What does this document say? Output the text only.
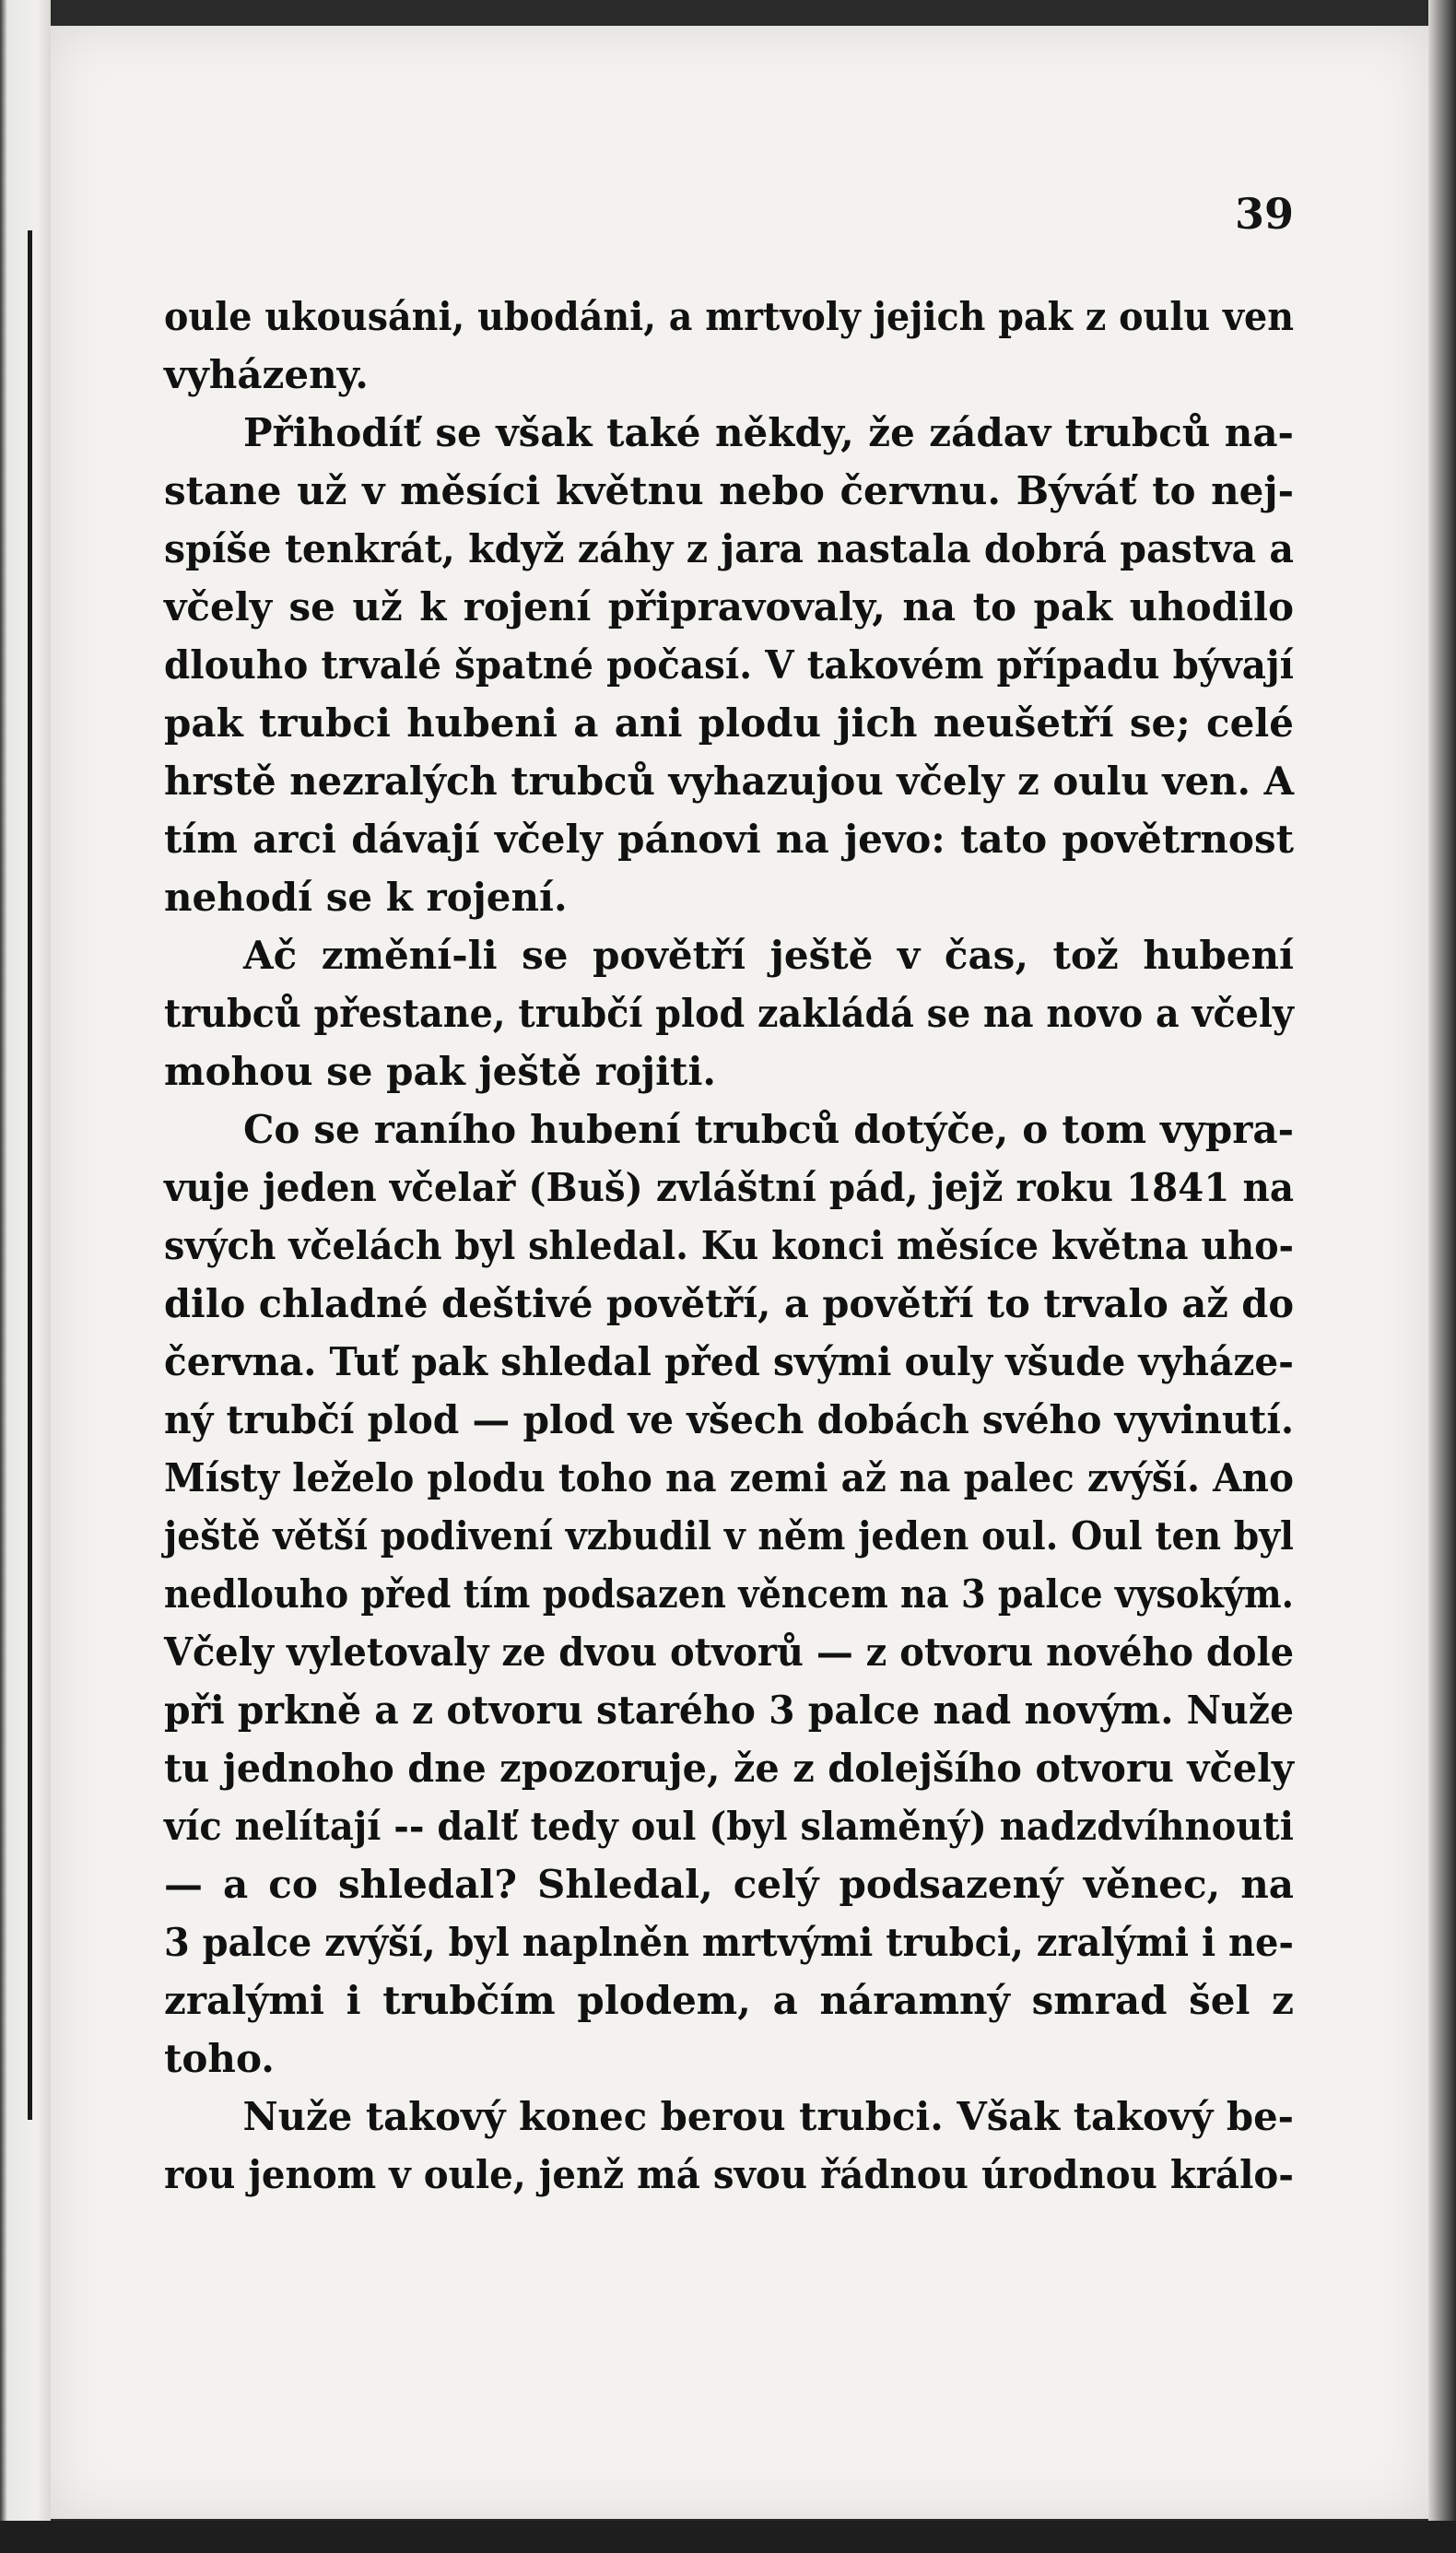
39
oule ukousáni, ubodáni, a mrtvoly jejich pak z oulu ven
vyházeny.
Přihodíť se však také někdy, že zádav trubců na-
stane už v měsíci květnu nebo červnu. Býváť to nej-
spíše tenkrát, když záhy z jara nastala dobrá pastva a
včely se už k rojení připravovaly, na to pak uhodilo
dlouho trvalé špatné počasí. V takovém případu bývají
pak trubci hubeni a ani plodu jich neušetří se; celé
hrstě nezralých trubců vyhazujou včely z oulu ven. A
tím arci dávají včely pánovi na jevo: tato povětrnost
nehodí se k rojení.
Ač změní-li se povětří ještě v čas, tož hubení
trubců přestane, trubčí plod zakládá se na novo a včely
mohou se pak ještě rojiti.
Co se raního hubení trubců dotýče, o tom vypra-
vuje jeden včelař (Buš) zvláštní pád, jejž roku 1841 na
svých včelách byl shledal. Ku konci měsíce května uho-
dilo chladné deštivé povětří, a povětří to trvalo až do
června. Tuť pak shledal před svými ouly všude vyháze-
ný trubčí plod — plod ve všech dobách svého vyvinutí.
Místy leželo plodu toho na zemi až na palec zvýší. Ano
ještě větší podivení vzbudil v něm jeden oul. Oul ten byl
nedlouho před tím podsazen věncem na 3 palce vysokým.
Včely vyletovaly ze dvou otvorů — z otvoru nového dole
při prkně a z otvoru starého 3 palce nad novým. Nuže
tu jednoho dne zpozoruje, že z dolejšího otvoru včely
víc nelítají -- dalť tedy oul (byl slaměný) nadzdvíhnouti
— a co shledal? Shledal, celý podsazený věnec, na
3 palce zvýší, byl naplněn mrtvými trubci, zralými i ne-
zralými i trubčím plodem, a náramný smrad šel z
toho.
Nuže takový konec berou trubci. Však takový be-
rou jenom v oule, jenž má svou řádnou úrodnou králo-
